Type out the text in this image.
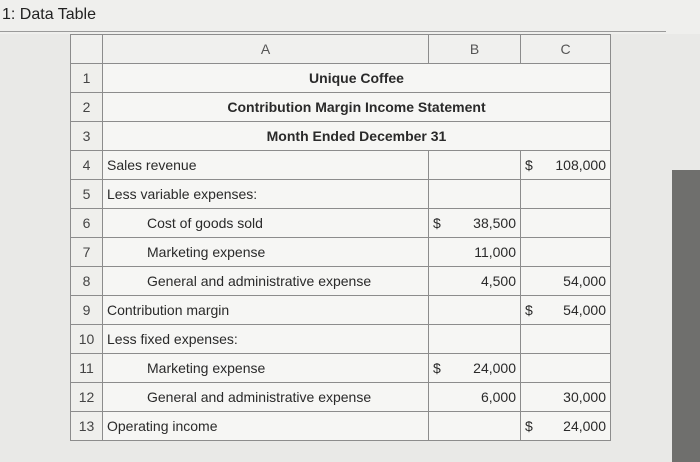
1: Data Table
	A	B	C
1	Unique Coffee		
2	Contribution Margin Income Statement		
3	Month Ended December 31		
4	Sales revenue		$ 108,000

5	Less variable expenses:		
6	Cost of goods sold	$ 38,500	

7	Marketing expense	11,000	

8	General and administrative expense	4,500	54,000

9	Contribution margin		$ 54,000

10	Less fixed expenses:		
11	Marketing expense	$ 24,000	

12	General and administrative expense	6,000	30,000

13	Operating income		$ 24,000
